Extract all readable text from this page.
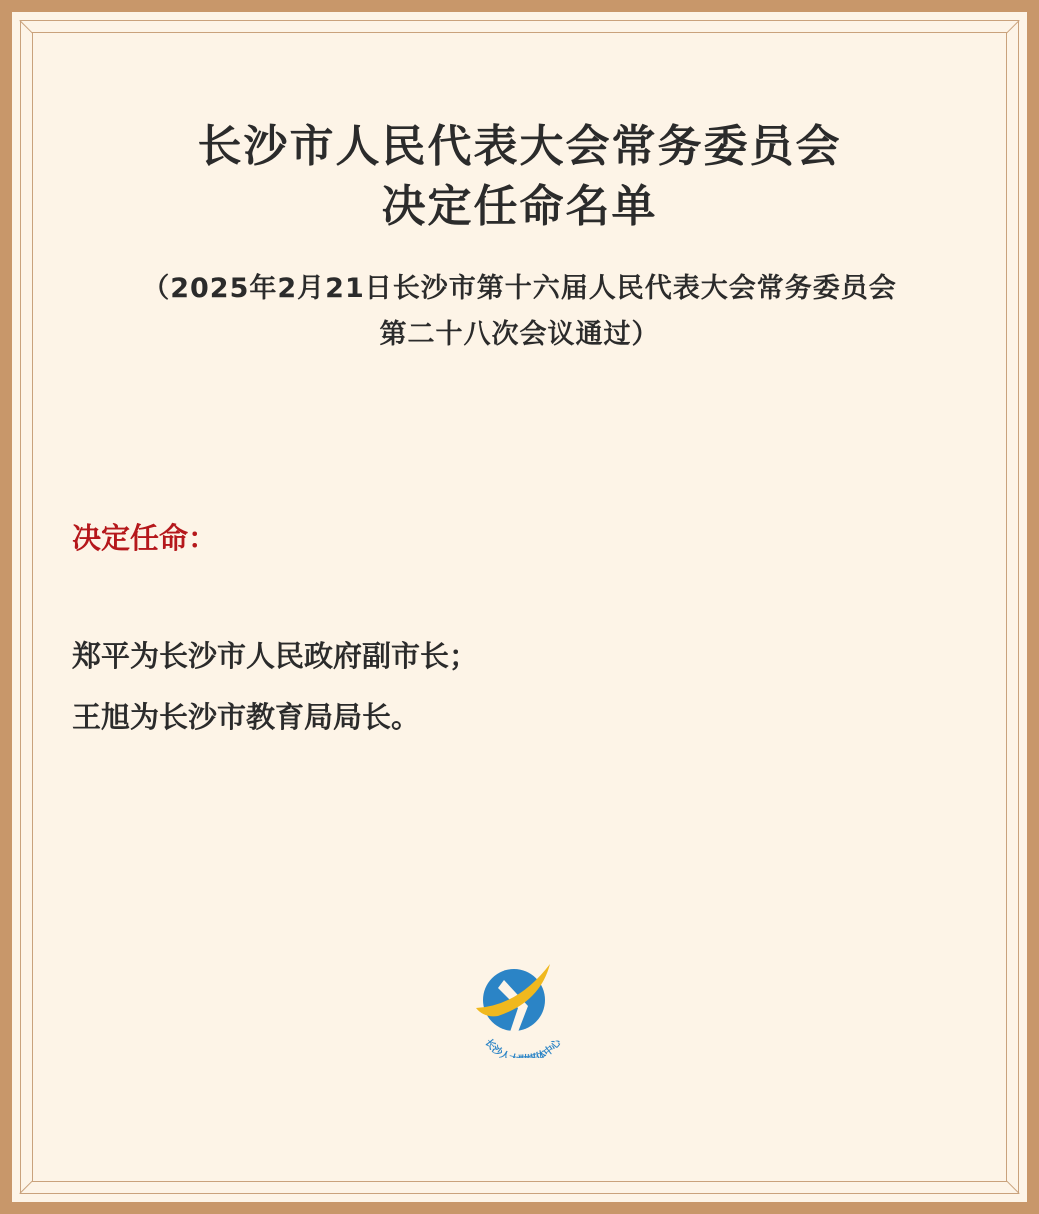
长沙市人民代表大会常务委员会
决定任命名单
（2025年2月21日长沙市第十六届人民代表大会常务委员会
第二十八次会议通过）
决定任命：
郑平为长沙市人民政府副市长；
王旭为长沙市教育局局长。
长沙人 体中心
